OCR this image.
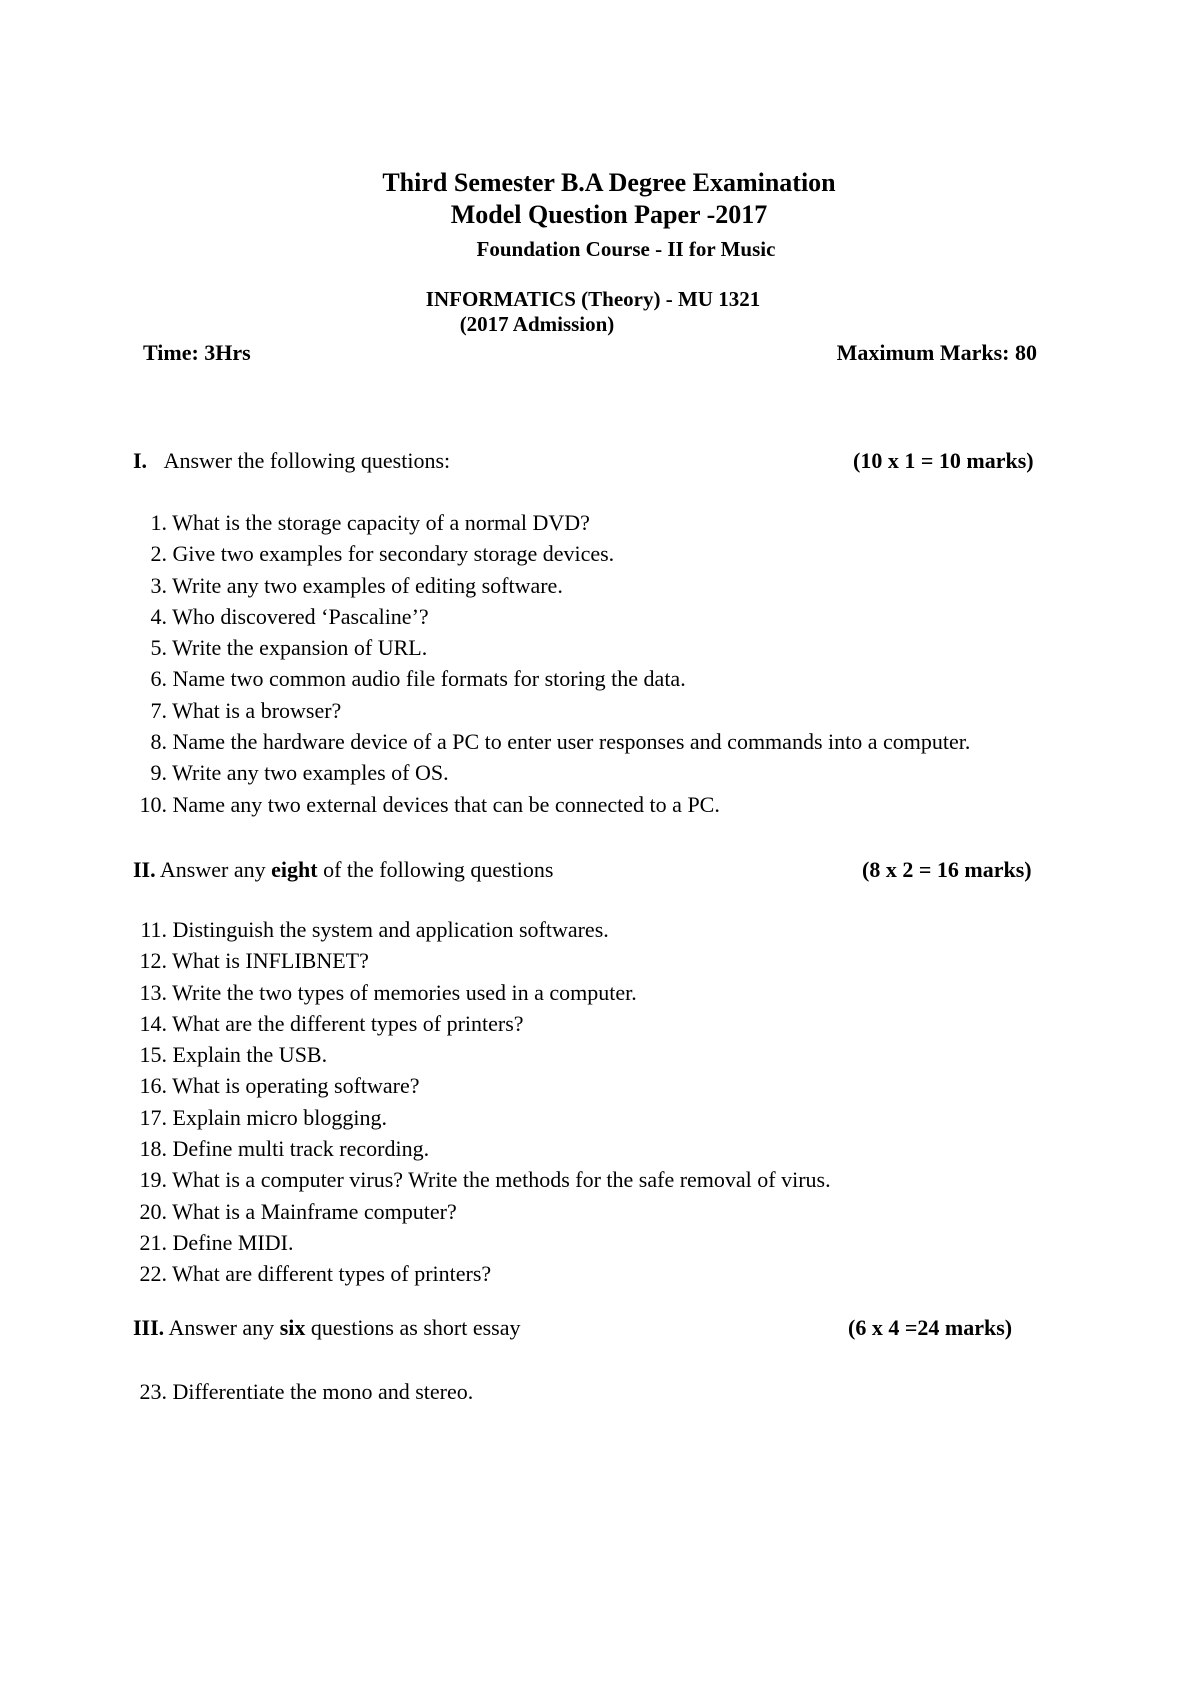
Third Semester B.A Degree Examination
Model Question Paper -2017
Foundation Course - II for Music
INFORMATICS (Theory) - MU 1321
(2017 Admission)
Time: 3Hrs	Maximum Marks: 80
I. Answer the following questions:	(10 x 1 = 10 marks)
1. What is the storage capacity of a normal DVD?
2. Give two examples for secondary storage devices.
3. Write any two examples of editing software.
4. Who discovered ‘Pascaline’?
5. Write the expansion of URL.
6. Name two common audio file formats for storing the data.
7. What is a browser?
8. Name the hardware device of a PC to enter user responses and commands into a computer.
9. Write any two examples of OS.
10. Name any two external devices that can be connected to a PC.
II. Answer any eight of the following questions	(8 x 2 = 16 marks)
11. Distinguish the system and application softwares.
12. What is INFLIBNET?
13. Write the two types of memories used in a computer.
14. What are the different types of printers?
15. Explain the USB.
16. What is operating software?
17. Explain micro blogging.
18. Define multi track recording.
19. What is a computer virus? Write the methods for the safe removal of virus.
20. What is a Mainframe computer?
21. Define MIDI.
22. What are different types of printers?
III. Answer any six questions as short essay	(6 x 4 =24 marks)
23. Differentiate the mono and stereo.
